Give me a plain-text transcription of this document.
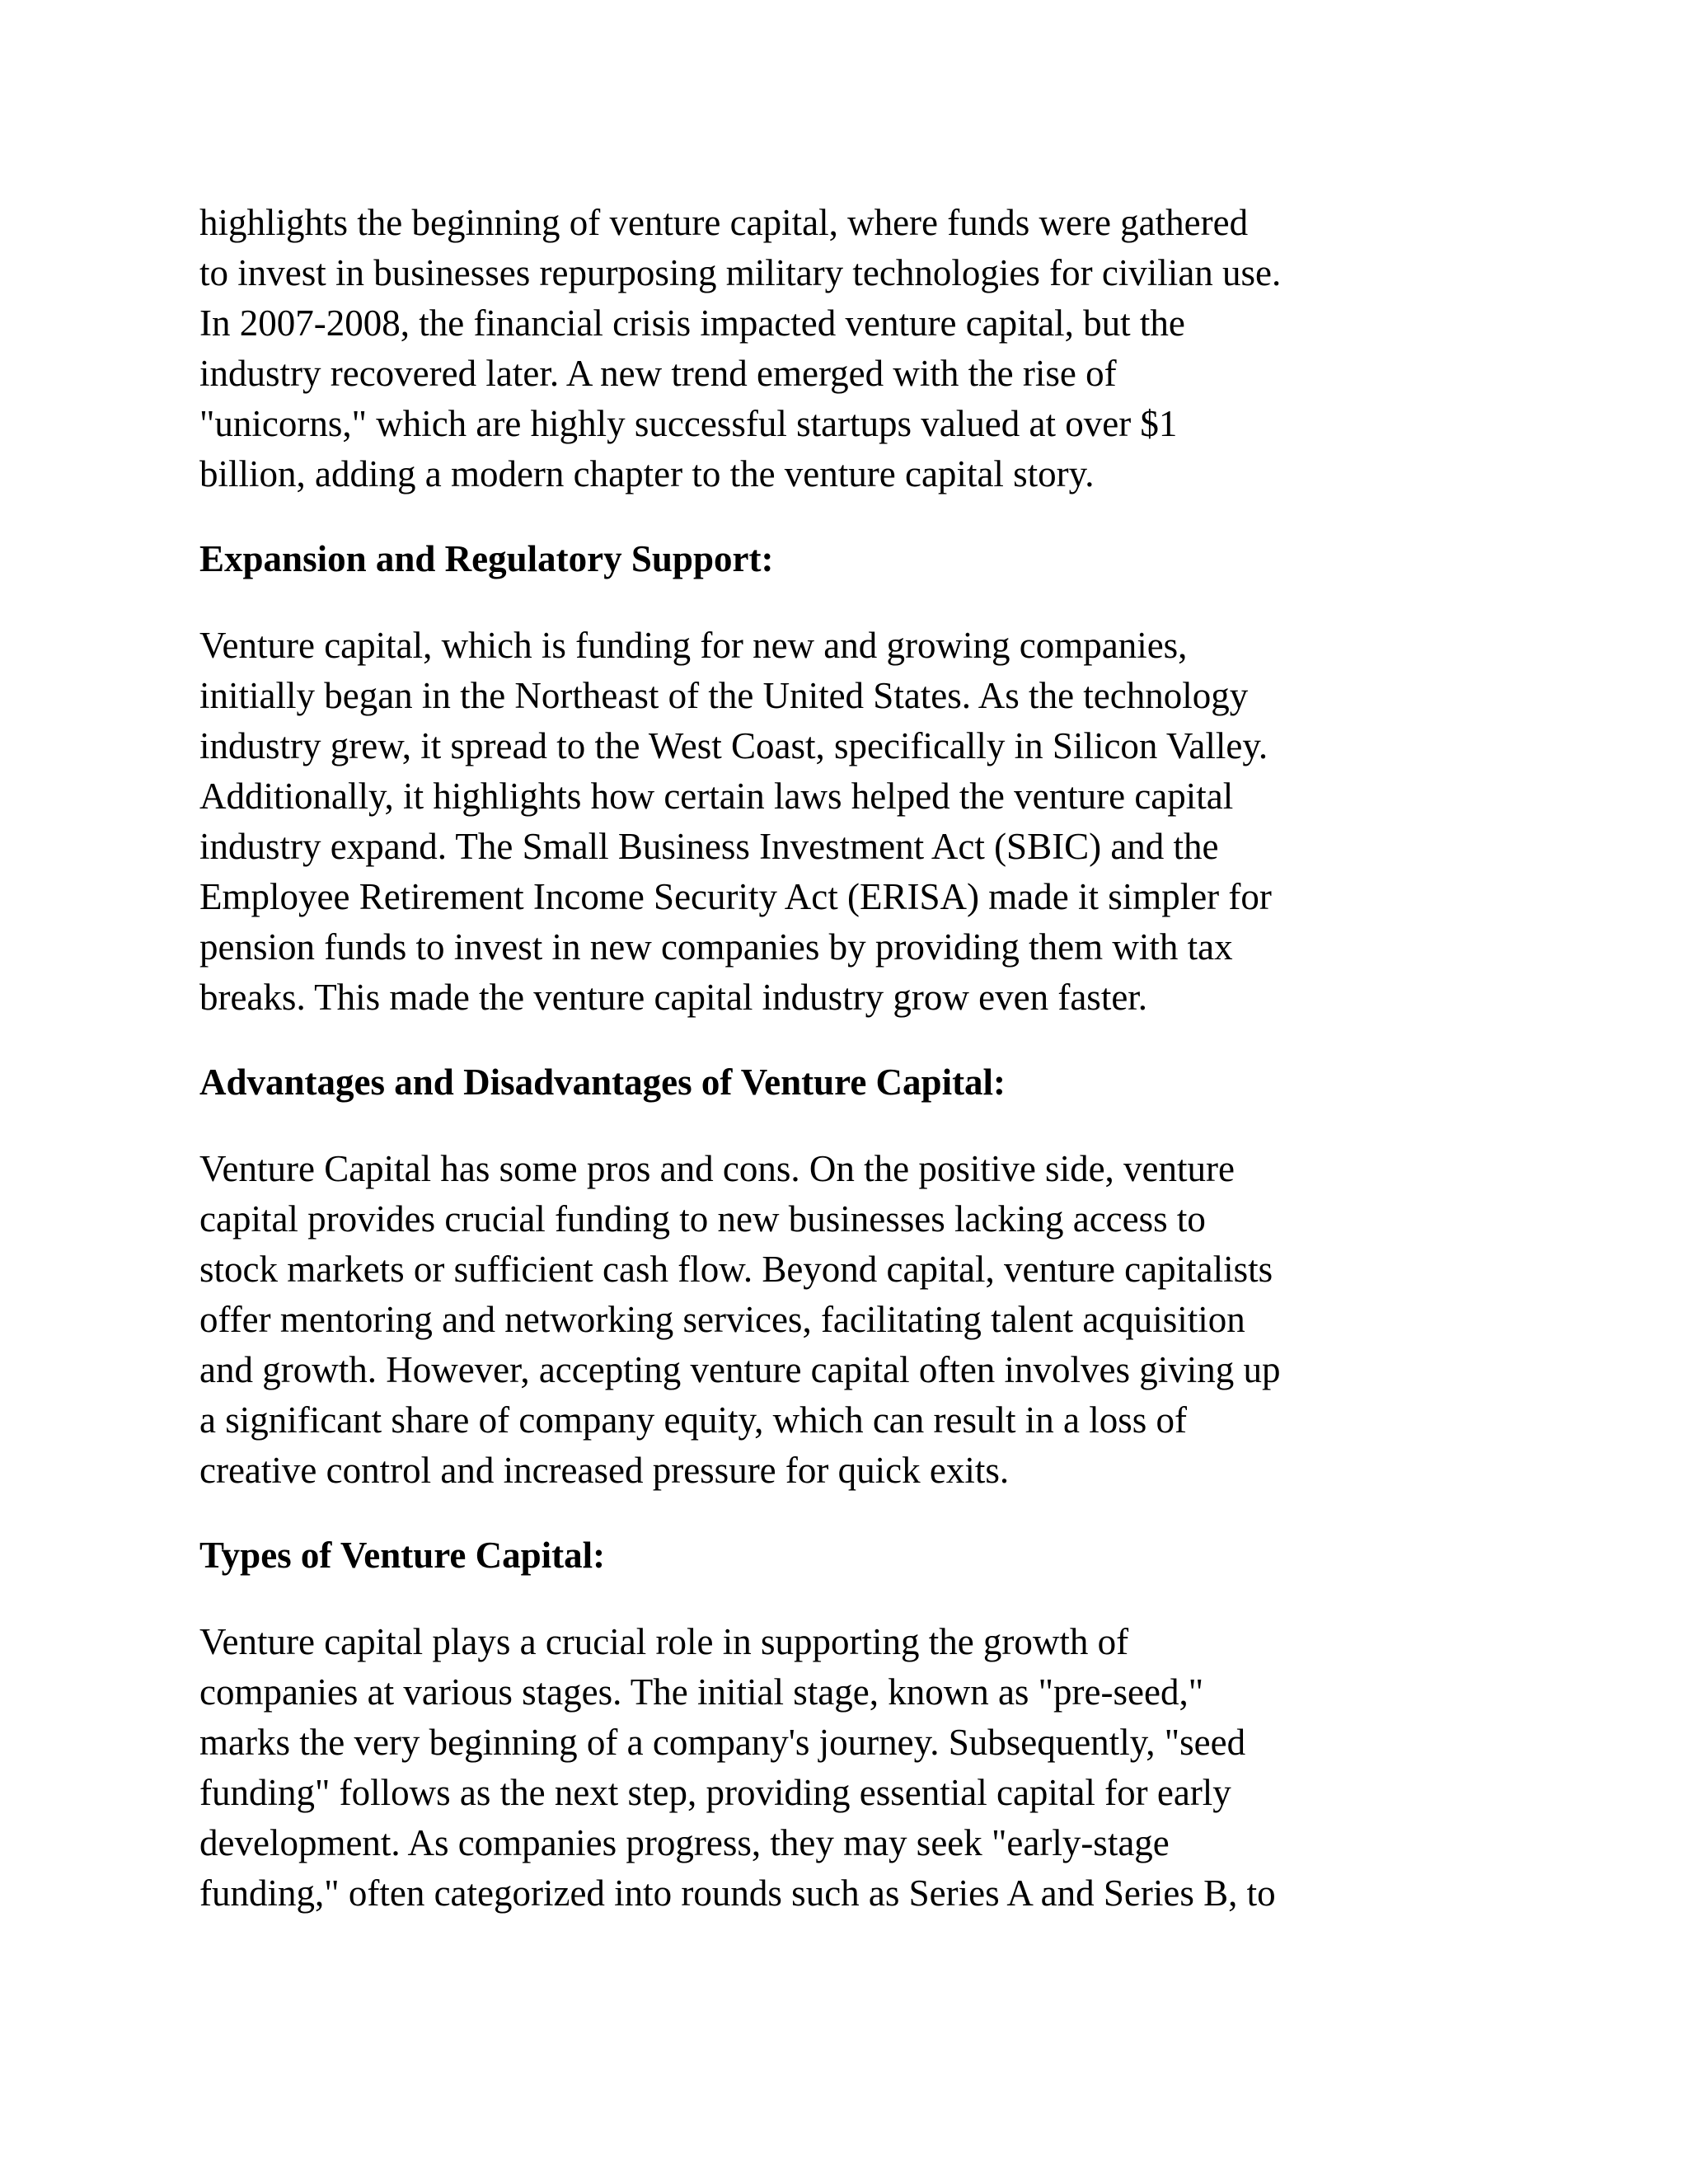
highlights the beginning of venture capital, where funds were gathered
to invest in businesses repurposing military technologies for civilian use.
In 2007-2008, the financial crisis impacted venture capital, but the
industry recovered later. A new trend emerged with the rise of
"unicorns," which are highly successful startups valued at over $1
billion, adding a modern chapter to the venture capital story.

Expansion and Regulatory Support:

Venture capital, which is funding for new and growing companies,
initially began in the Northeast of the United States. As the technology
industry grew, it spread to the West Coast, specifically in Silicon Valley.
Additionally, it highlights how certain laws helped the venture capital
industry expand. The Small Business Investment Act (SBIC) and the
Employee Retirement Income Security Act (ERISA) made it simpler for
pension funds to invest in new companies by providing them with tax
breaks. This made the venture capital industry grow even faster.

Advantages and Disadvantages of Venture Capital:

Venture Capital has some pros and cons. On the positive side, venture
capital provides crucial funding to new businesses lacking access to
stock markets or sufficient cash flow. Beyond capital, venture capitalists
offer mentoring and networking services, facilitating talent acquisition
and growth. However, accepting venture capital often involves giving up
a significant share of company equity, which can result in a loss of
creative control and increased pressure for quick exits.

Types of Venture Capital:

Venture capital plays a crucial role in supporting the growth of
companies at various stages. The initial stage, known as "pre-seed,"
marks the very beginning of a company's journey. Subsequently, "seed
funding" follows as the next step, providing essential capital for early
development. As companies progress, they may seek "early-stage
funding," often categorized into rounds such as Series A and Series B, to
